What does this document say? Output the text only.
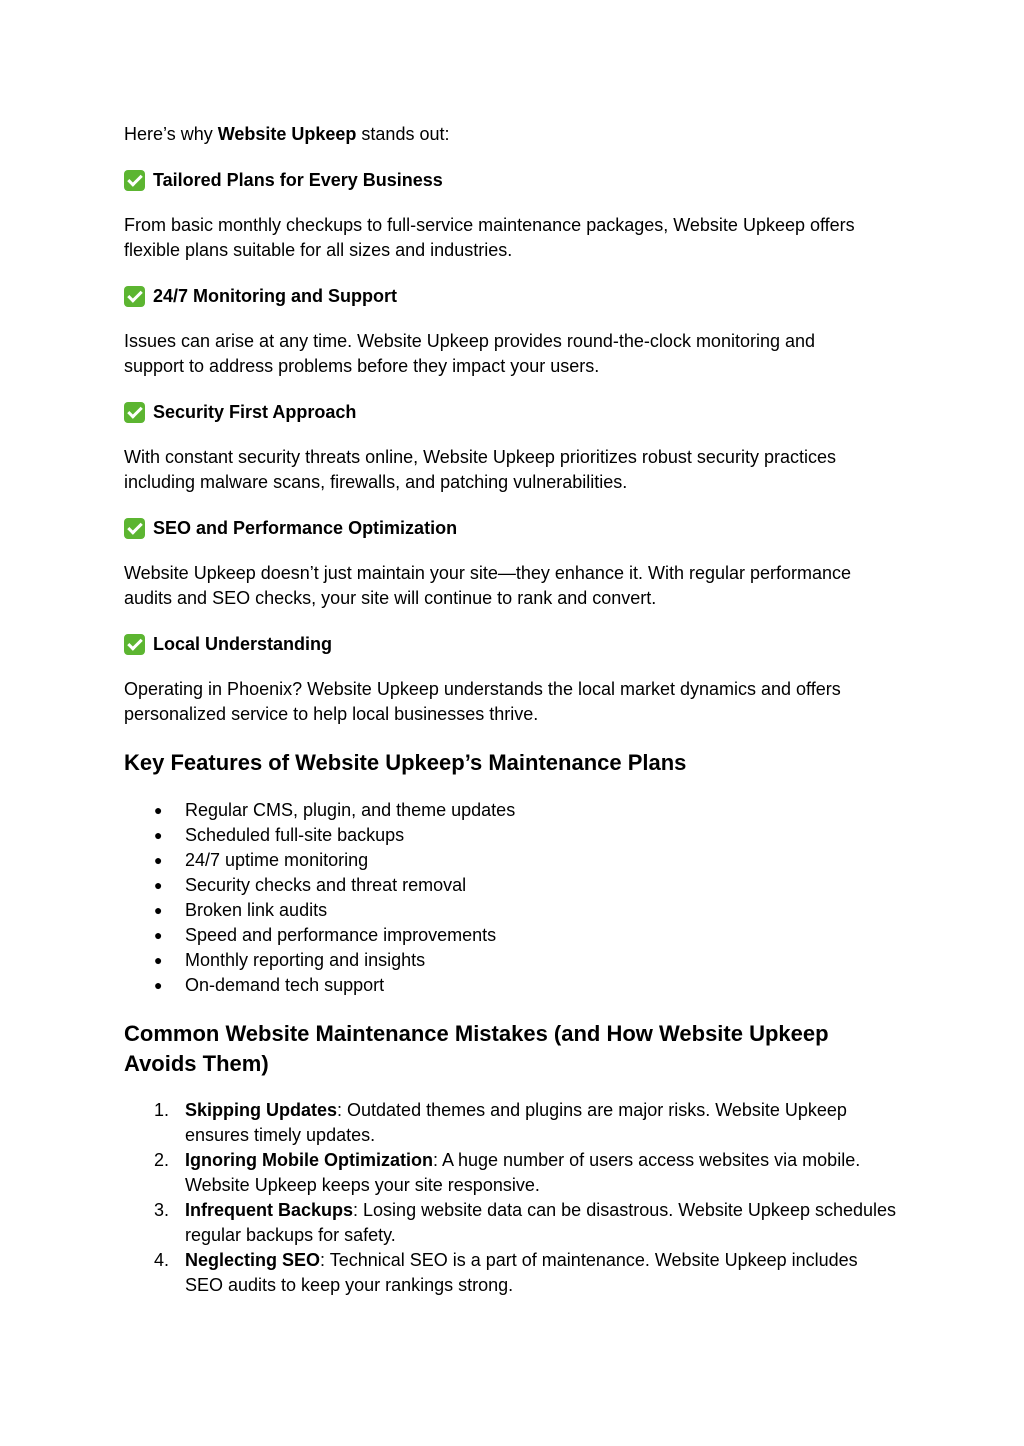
Here’s why Website Upkeep stands out:
Tailored Plans for Every Business
From basic monthly checkups to full-service maintenance packages, Website Upkeep offers
flexible plans suitable for all sizes and industries.
24/7 Monitoring and Support
Issues can arise at any time. Website Upkeep provides round-the-clock monitoring and
support to address problems before they impact your users.
Security First Approach
With constant security threats online, Website Upkeep prioritizes robust security practices
including malware scans, firewalls, and patching vulnerabilities.
SEO and Performance Optimization
Website Upkeep doesn’t just maintain your site—they enhance it. With regular performance
audits and SEO checks, your site will continue to rank and convert.
Local Understanding
Operating in Phoenix? Website Upkeep understands the local market dynamics and offers
personalized service to help local businesses thrive.
Key Features of Website Upkeep’s Maintenance Plans
● Regular CMS, plugin, and theme updates
● Scheduled full-site backups
● 24/7 uptime monitoring
● Security checks and threat removal
● Broken link audits
● Speed and performance improvements
● Monthly reporting and insights
● On-demand tech support
Common Website Maintenance Mistakes (and How Website Upkeep
Avoids Them)
1. Skipping Updates: Outdated themes and plugins are major risks. Website Upkeep ensures timely updates.
2. Ignoring Mobile Optimization: A huge number of users access websites via mobile. Website Upkeep keeps your site responsive.
3. Infrequent Backups: Losing website data can be disastrous. Website Upkeep schedules regular backups for safety.
4. Neglecting SEO: Technical SEO is a part of maintenance. Website Upkeep includes SEO audits to keep your rankings strong.
